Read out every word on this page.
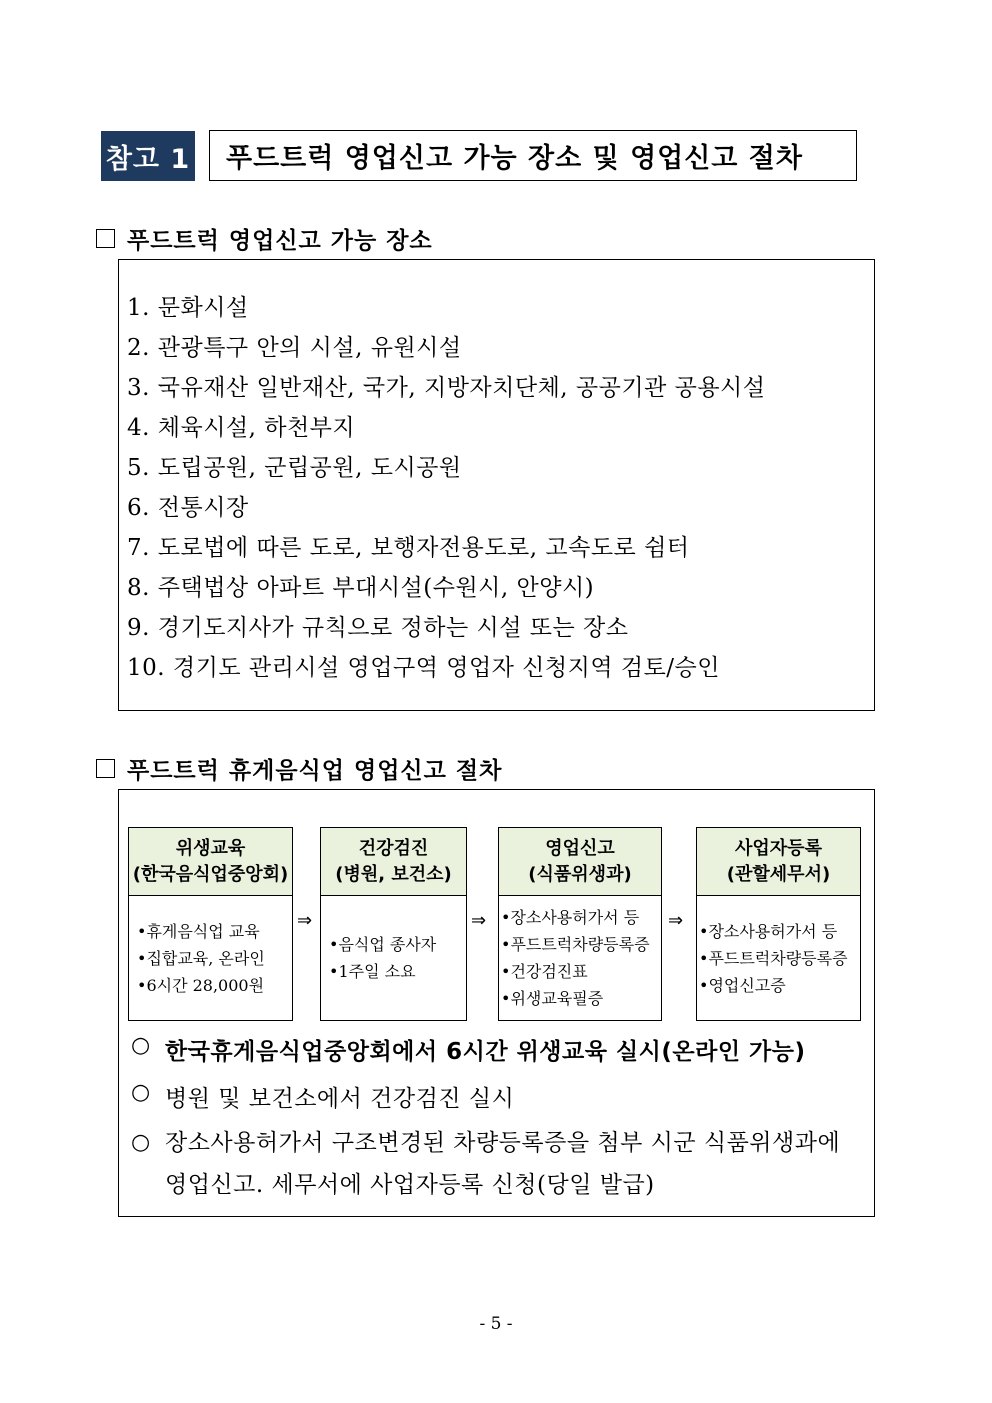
참고 1	푸드트럭 영업신고 가능 장소 및 영업신고 절차
푸드트럭 영업신고 가능 장소
1. 문화시설
2. 관광특구 안의 시설, 유원시설
3. 국유재산 일반재산, 국가, 지방자치단체, 공공기관 공용시설
4. 체육시설, 하천부지
5. 도립공원, 군립공원, 도시공원
6. 전통시장
7. 도로법에 따른 도로, 보행자전용도로, 고속도로 쉼터
8. 주택법상 아파트 부대시설(수원시, 안양시)
9. 경기도지사가 규칙으로 정하는 시설 또는 장소
10. 경기도 관리시설 영업구역 영업자 신청지역 검토/승인
푸드트럭 휴게음식업 영업신고 절차
위생교육
(한국음식업중앙회)
•휴게음식업 교육
•집합교육, 온라인
•6시간 28,000원
⇒
건강검진
(병원, 보건소)
•음식업 종사자
•1주일 소요
⇒
영업신고
(식품위생과)
•장소사용허가서 등
•푸드트럭차량등록증
•건강검진표
•위생교육필증
⇒
사업자등록
(관할세무서)
•장소사용허가서 등
•푸드트럭차량등록증
•영업신고증
○ 한국휴게음식업중앙회에서 6시간 위생교육 실시(온라인 가능)
○ 병원 및 보건소에서 건강검진 실시
○ 장소사용허가서 구조변경된 차량등록증을 첨부 시군 식품위생과에 영업신고. 세무서에 사업자등록 신청(당일 발급)
- 5 -
